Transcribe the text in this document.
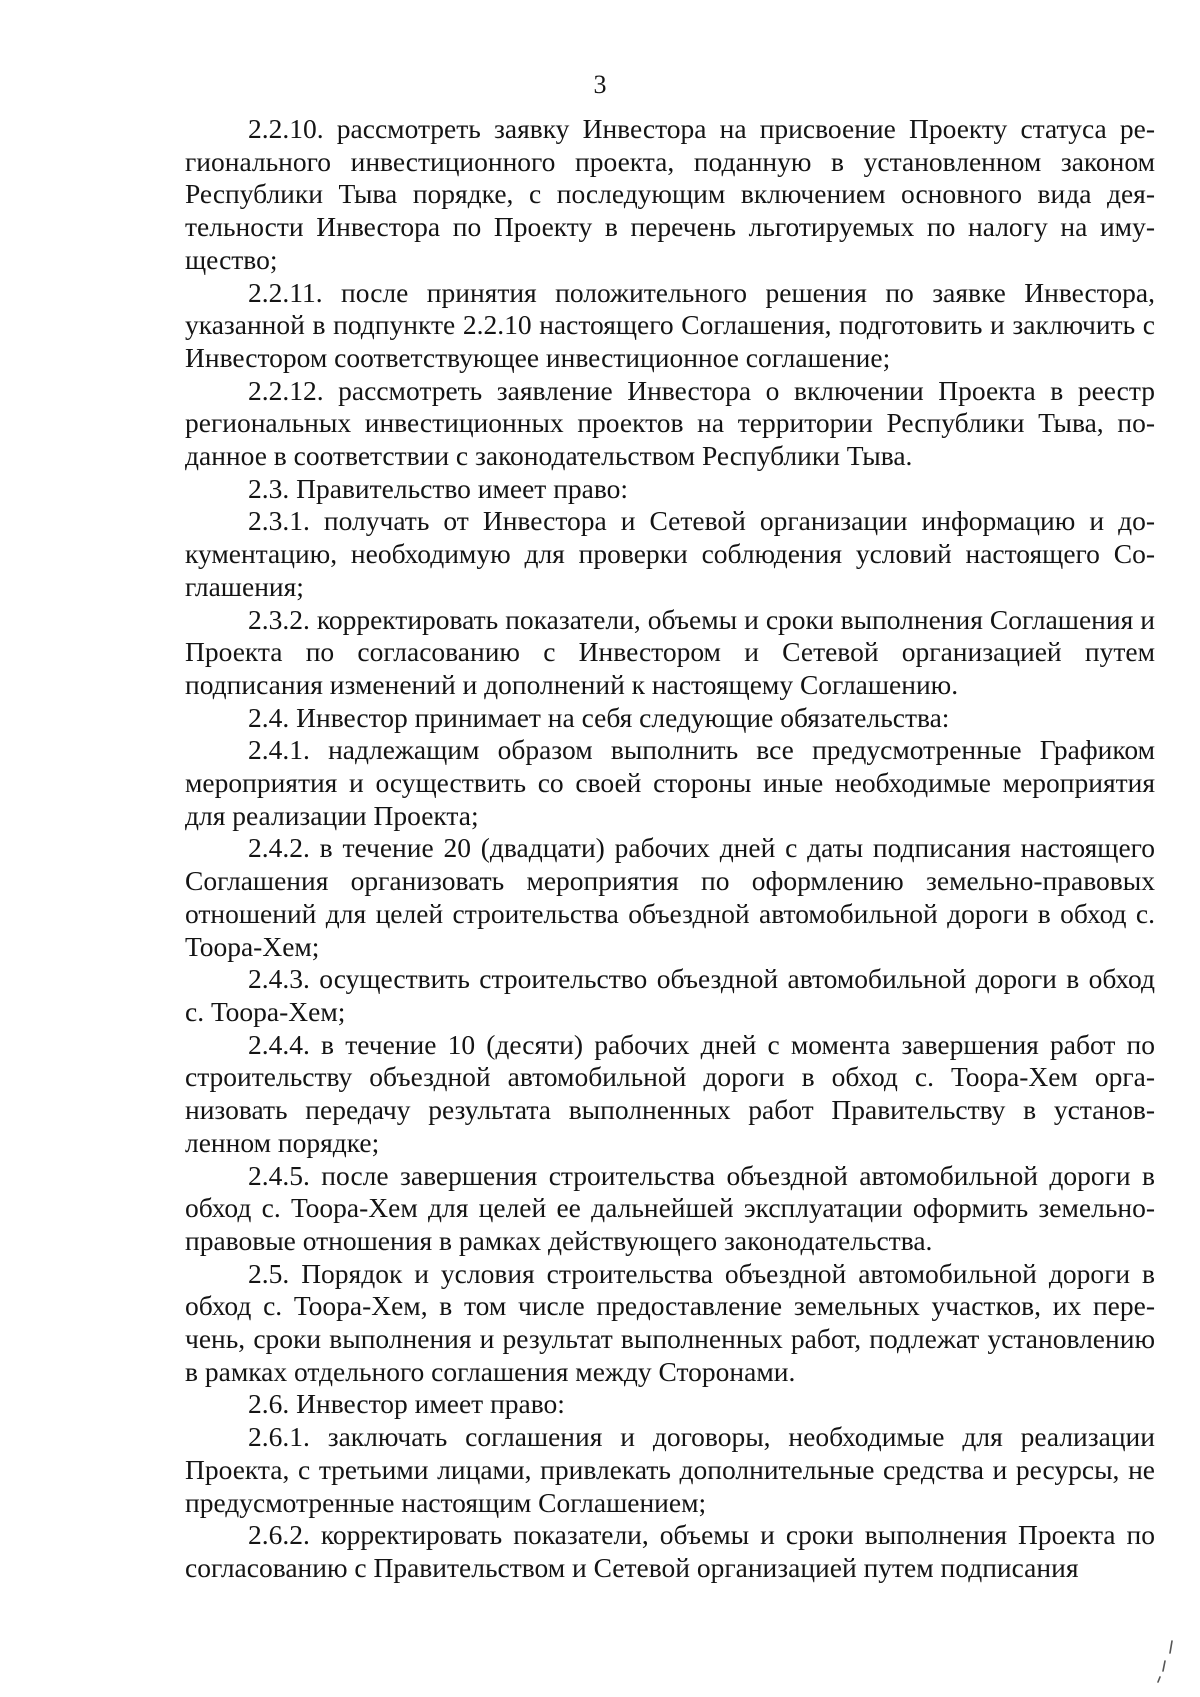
3

2.2.10. рассмотреть заявку Инвестора на присвоение Проекту статуса регионального инвестиционного проекта, поданную в установленном законом Республики Тыва порядке, с последующим включением основного вида деятельности Инвестора по Проекту в перечень льготируемых по налогу на имущество;

2.2.11. после принятия положительного решения по заявке Инвестора, указанной в подпункте 2.2.10 настоящего Соглашения, подготовить и заключить с Инвестором соответствующее инвестиционное соглашение;

2.2.12. рассмотреть заявление Инвестора о включении Проекта в реестр региональных инвестиционных проектов на территории Республики Тыва, поданное в соответствии с законодательством Республики Тыва.

2.3. Правительство имеет право:

2.3.1. получать от Инвестора и Сетевой организации информацию и документацию, необходимую для проверки соблюдения условий настоящего Соглашения;

2.3.2. корректировать показатели, объемы и сроки выполнения Соглашения и Проекта по согласованию с Инвестором и Сетевой организацией путем подписания изменений и дополнений к настоящему Соглашению.

2.4. Инвестор принимает на себя следующие обязательства:

2.4.1. надлежащим образом выполнить все предусмотренные Графиком мероприятия и осуществить со своей стороны иные необходимые мероприятия для реализации Проекта;

2.4.2. в течение 20 (двадцати) рабочих дней с даты подписания настоящего Соглашения организовать мероприятия по оформлению земельно-правовых отношений для целей строительства объездной автомобильной дороги в обход с. Тоора-Хем;

2.4.3. осуществить строительство объездной автомобильной дороги в обход с. Тоора-Хем;

2.4.4. в течение 10 (десяти) рабочих дней с момента завершения работ по строительству объездной автомобильной дороги в обход с. Тоора-Хем организовать передачу результата выполненных работ Правительству в установленном порядке;

2.4.5. после завершения строительства объездной автомобильной дороги в обход с. Тоора-Хем для целей ее дальнейшей эксплуатации оформить земельно-правовые отношения в рамках действующего законодательства.

2.5. Порядок и условия строительства объездной автомобильной дороги в обход с. Тоора-Хем, в том числе предоставление земельных участков, их перечень, сроки выполнения и результат выполненных работ, подлежат установлению в рамках отдельного соглашения между Сторонами.

2.6. Инвестор имеет право:

2.6.1. заключать соглашения и договоры, необходимые для реализации Проекта, с третьими лицами, привлекать дополнительные средства и ресурсы, не предусмотренные настоящим Соглашением;

2.6.2. корректировать показатели, объемы и сроки выполнения Проекта по согласованию с Правительством и Сетевой организацией путем подписания
